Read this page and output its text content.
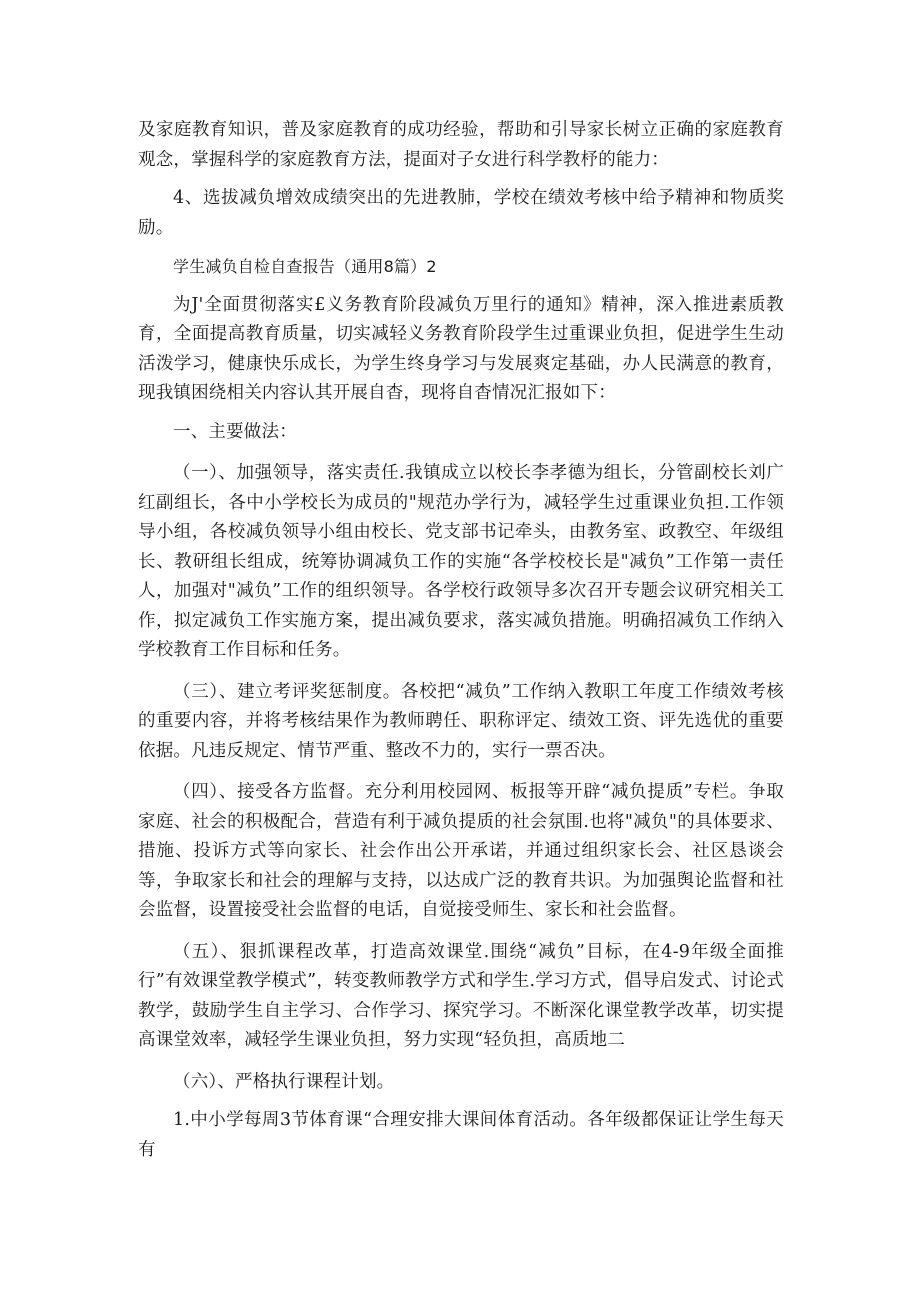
及家庭教育知识，普及家庭教育的成功经验，帮助和引导家长树立正确的家庭教育观念，掌握科学的家庭教育方法，提面对子女进行科学教杼的能力：

4、选拔减负增效成绩突出的先进教肺，学校在绩效考核中给予精神和物质奖励。

学生减负自检自查报告（通用8篇）2

为J'全面贯彻落实£义务教育阶段减负万里行的通知》精神，深入推进素质教育，全面提高教育质量，切实减轻义务教育阶段学生过重课业负担，促进学生生动活泼学习，健康快乐成长，为学生终身学习与发展爽定基础，办人民满意的教育，现我镇困绕相关内容认其开展自杳，现将自杳情况汇报如下：

一、主要做法：

（一）、加强领导，落实责任.我镇成立以校长李孝德为组长，分管副校长刘广红副组长，各中小学校长为成员的"规范办学行为，减轻学生过重课业负担.工作领导小组，各校减负领导小组由校长、党支部书记牵头，由教务室、政教空、年级组长、教研组长组成，统筹协调减负工作的实施“各学校校长是"减负”工作第一责任人，加强对"减负”工作的组织领导。各学校行政领导多次召开专题会议研究相关工作，拟定减负工作实施方案，提出减负要求，落实减负措施。明确招减负工作纳入学校教育工作目标和任务。

（三）、建立考评奖惩制度。各校把“减负”工作纳入教职工年度工作绩效考核的重要内容，并将考核结果作为教师聘任、职称评定、绩效工资、评先选优的重要依据。凡违反规定、情节严重、整改不力的，实行一票否决。

（四）、接受各方监督。充分利用校园网、板报等开辟“减负提质”专栏。争取家庭、社会的积极配合，营造有利于减负提质的社会氛围.也将"减负"的具体要求、措施、投诉方式等向家长、社会作出公开承诺，并通过组织家长会、社区恳谈会等，争取家长和社会的理解与支持，以达成广泛的教育共识。为加强舆论监督和社会监督，设置接受社会监督的电话，自觉接受师生、家长和社会监督。

（五）、狠抓课程改革，打造高效课堂.围绕“减负”目标，在4-9年级全面推行”有效课堂教学模式”，转变教师教学方式和学生.学习方式，倡导启发式、讨论式教学，鼓励学生自主学习、合作学习、探究学习。不断深化课堂教学改革，切实提高课堂效率，减轻学生课业负担，努力实现“轻负担，高质地二

（六）、严格执行课程计划。

1.中小学每周3节体育课“合理安排大课间体育活动。各年级都保证让学生每天有
